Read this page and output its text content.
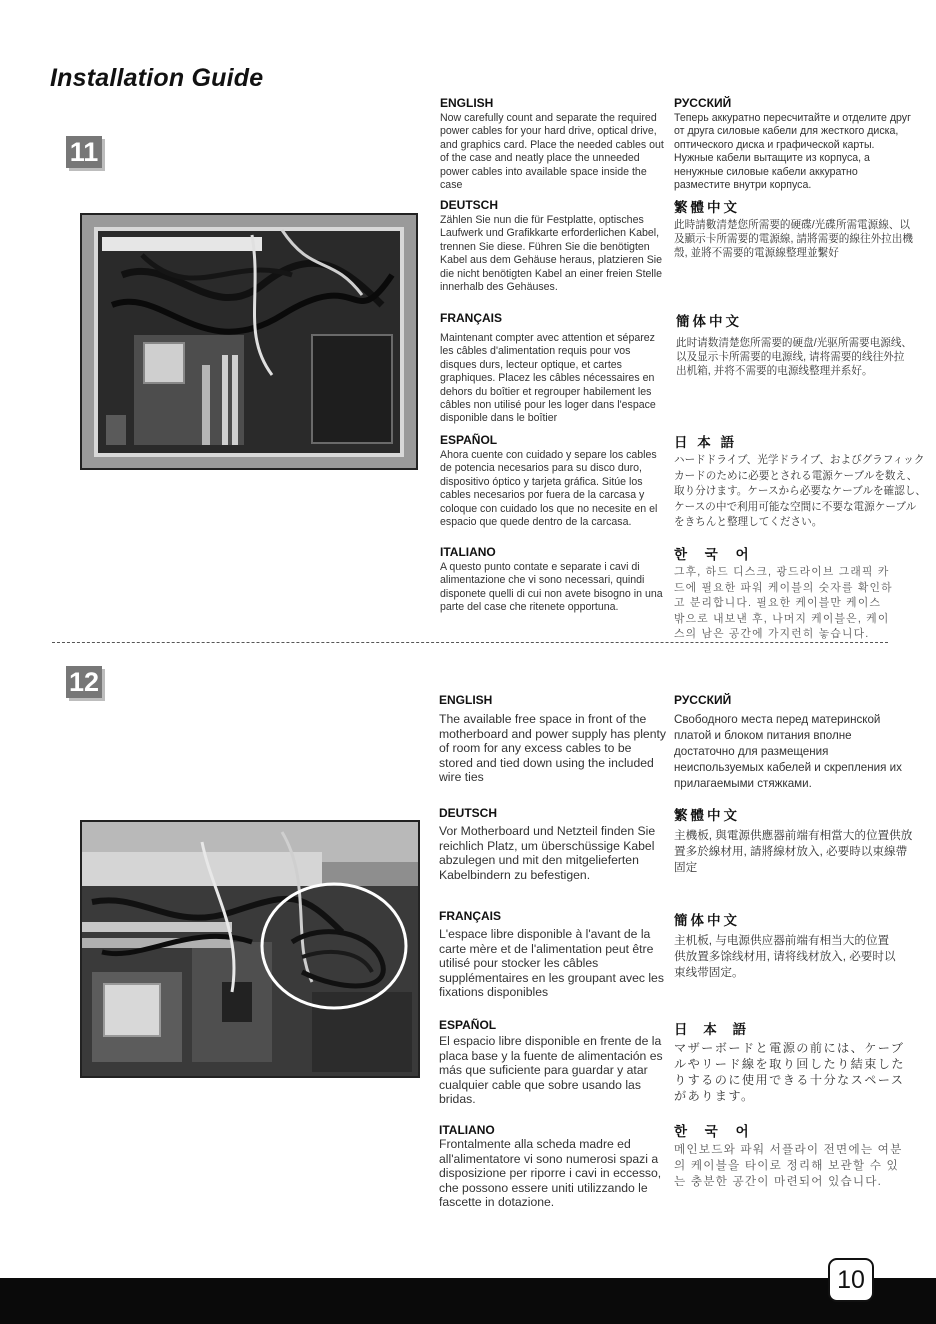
Installation Guide
11
ENGLISH
Now carefully count and separate the required power cables for your hard drive, optical drive, and graphics card. Place the needed cables out of the case and neatly place the unneeded power cables into available space inside the case
DEUTSCH
Zählen Sie nun die für Festplatte, optisches Laufwerk und Grafikkarte erforderlichen Kabel, trennen Sie diese. Führen Sie die benötigten Kabel aus dem Gehäuse heraus, platzieren Sie die nicht benötigten Kabel an einer freien Stelle innerhalb des Gehäuses.
FRANÇAIS
Maintenant compter avec attention et séparez les câbles d'alimentation requis pour vos disques durs, lecteur optique, et cartes graphiques. Placez les câbles nécessaires en dehors du boîtier et regrouper habilement les câbles non utilisé pour les loger dans l'espace disponible dans le boîtier
ESPAÑOL
Ahora cuente con cuidado y separe los cables de potencia necesarios para su disco duro, dispositivo óptico y tarjeta gráfica. Sitúe los cables necesarios por fuera de la carcasa y coloque con cuidado los que no necesite en el espacio que quede dentro de la carcasa.
ITALIANO
A questo punto contate e separate i cavi di alimentazione che vi sono necessari, quindi disponete quelli di cui non avete bisogno in una parte del case che ritenete opportuna.
РУССКИЙ
Теперь аккуратно пересчитайте и отделите друг от друга силовые кабели для жесткого диска, оптического диска и графической карты. Нужные кабели вытащите из корпуса, а ненужные силовые кабели аккуратно разместите внутри корпуса.
繁體中文
此時請數清楚您所需要的硬碟/光碟所需電源線、以及顯示卡所需要的電源線, 請將需要的線往外拉出機殼, 並將不需要的電源線整理並繫好
簡体中文
此时请数清楚您所需要的硬盘/光驱所需要电源线、以及显示卡所需要的电源线, 请将需要的线往外拉出机箱, 并将不需要的电源线整理并系好。
日 本 語
ハードドライブ、光学ドライブ、およびグラフィックカードのために必要とされる電源ケーブルを数え、取り分けます。ケースから必要なケーブルを確認し、ケースの中で利用可能な空間に不要な電源ケーブルをきちんと整理してください。
한 국 어
그후, 하드 디스크, 광드라이브 그래픽 카드에 필요한 파워 케이블의 숫자를 확인하고 분리합니다. 필요한 케이블만 케이스 밖으로 내보낸 후, 나머지 케이블은, 케이스의 남은 공간에 가지런히 놓습니다.
12
ENGLISH
The available free space in front of the motherboard and power supply has plenty of room for any excess cables to be stored and tied down using the included wire ties
DEUTSCH
Vor Motherboard und Netzteil finden Sie reichlich Platz, um überschüssige Kabel abzulegen und mit den mitgelieferten Kabelbindern zu befestigen.
FRANÇAIS
L'espace libre disponible à l'avant de la carte mère et de l'alimentation peut être utilisé pour stocker les câbles supplémentaires en les groupant avec les fixations disponibles
ESPAÑOL
El espacio libre disponible en frente de la placa base y la fuente de alimentación es más que suficiente para guardar y atar cualquier cable que sobre usando las bridas.
ITALIANO
Frontalmente alla scheda madre ed all'alimentatore vi sono numerosi spazi a disposizione per riporre i cavi in eccesso, che possono essere uniti utilizzando le fascette in dotazione.
РУССКИЙ
Свободного места перед материнской платой и блоком питания вполне достаточно для размещения неиспользуемых кабелей и скрепления их прилагаемыми стяжками.
繁體中文
主機板, 與電源供應器前端有相當大的位置供放置多於線材用, 請將線材放入, 必要時以束線帶固定
簡体中文
主机板, 与电源供应器前端有相当大的位置供放置多馀线材用, 请将线材放入, 必要时以束线带固定。
日 本 語
マザーボードと電源の前には、ケーブルやリード線を取り回したり結束したりするのに使用できる十分なスペースがあります。
한 국 어
메인보드와 파워 서플라이 전면에는 여분의 케이블을 타이로 정리해 보관할 수 있는 충분한 공간이 마련되어 있습니다.
10
